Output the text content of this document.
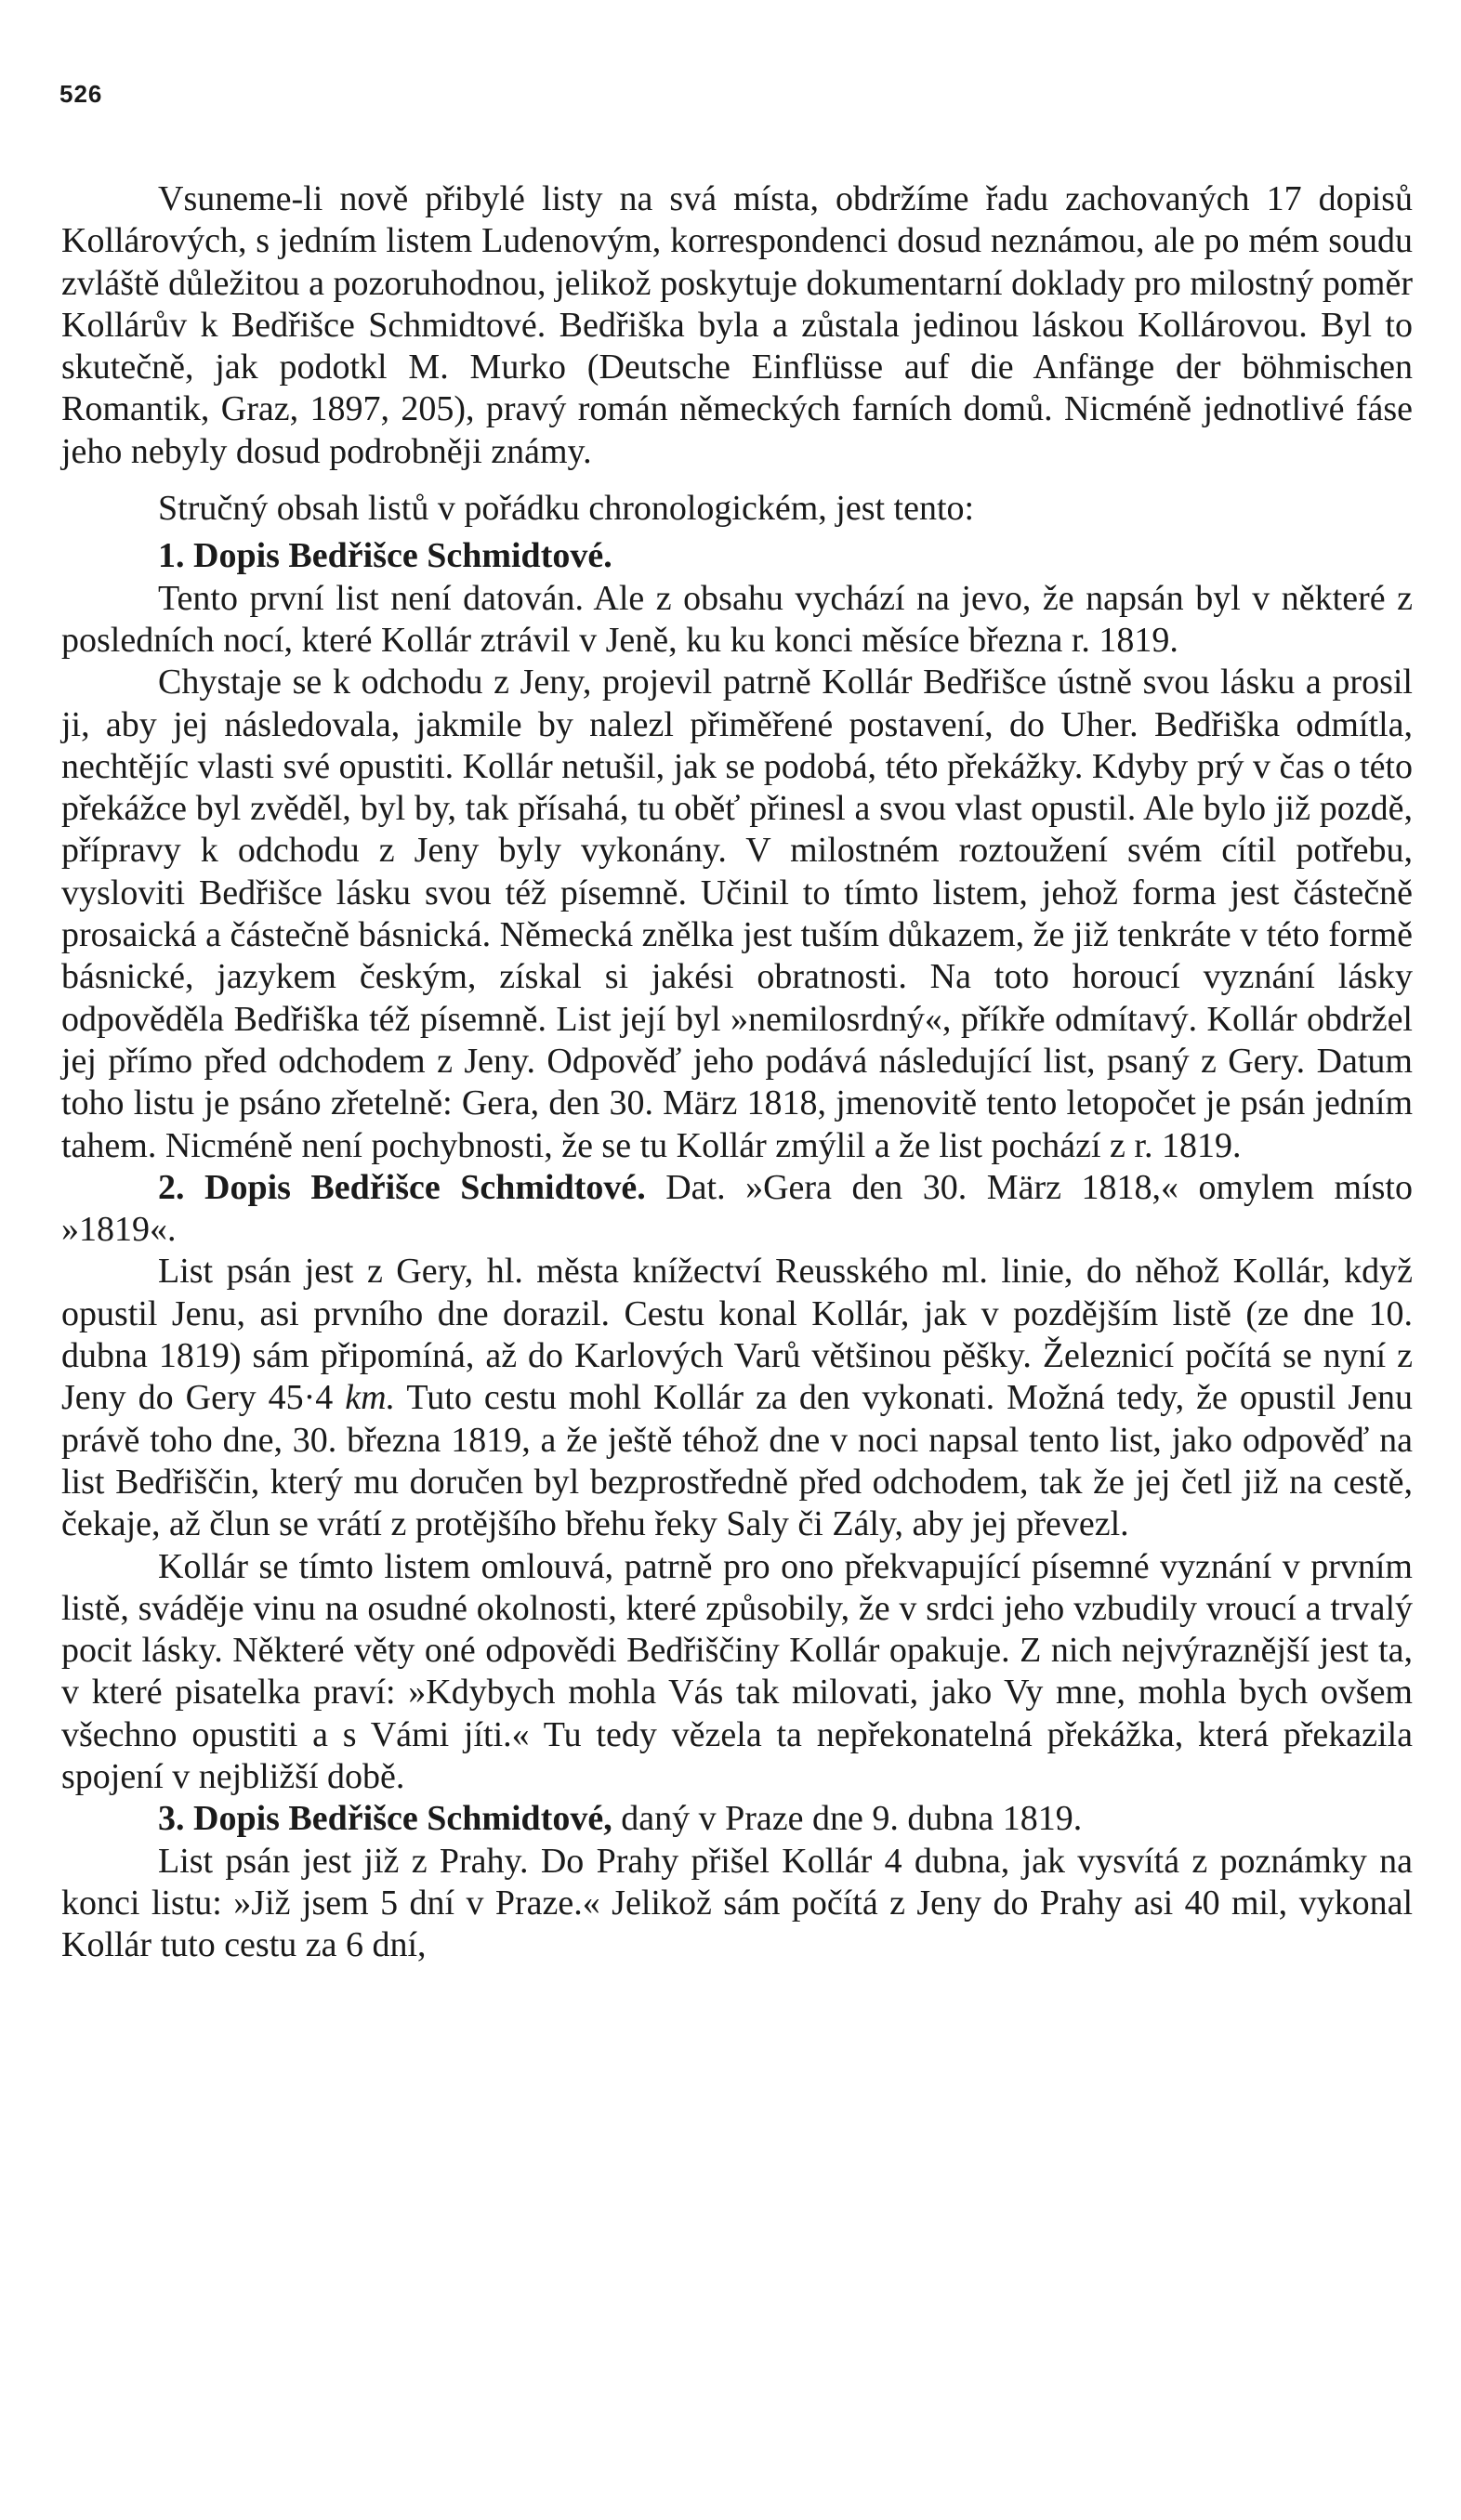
526

Vsuneme-li nově přibylé listy na svá místa, obdržíme řadu zachovaných 17 dopisů Kollárových, s jedním listem Ludenovým, korrespondenci dosud neznámou, ale po mém soudu zvláště důležitou a pozoruhodnou, jelikož poskytuje dokumentarní doklady pro milostný poměr Kollárův k Bedřišce Schmidtové. Bedřiška byla a zůstala jedinou láskou Kollárovou. Byl to skutečně, jak podotkl M. Murko (Deutsche Einflüsse auf die Anfänge der böhmischen Romantik, Graz, 1897, 205), pravý román německých farních domů. Nicméně jednotlivé fáse jeho nebyly dosud podrobněji známy.

Stručný obsah listů v pořádku chronologickém, jest tento:

1. Dopis Bedřišce Schmidtové.

Tento první list není datován. Ale z obsahu vychází na jevo, že napsán byl v některé z posledních nocí, které Kollár ztrávil v Jeně, ku ku konci měsíce března r. 1819.

Chystaje se k odchodu z Jeny, projevil patrně Kollár Bedřišce ústně svou lásku a prosil ji, aby jej následovala, jakmile by nalezl přiměřené postavení, do Uher. Bedřiška odmítla, nechtějíc vlasti své opustiti. Kollár netušil, jak se podobá, této překážky. Kdyby prý v čas o této překážce byl zvěděl, byl by, tak přísahá, tu oběť přinesl a svou vlast opustil. Ale bylo již pozdě, přípravy k odchodu z Jeny byly vykonány. V milostném roztoužení svém cítil potřebu, vysloviti Bedřišce lásku svou též písemně. Učinil to tímto listem, jehož forma jest částečně prosaická a částečně básnická. Německá znělka jest tuším důkazem, že již tenkráte v této formě básnické, jazykem českým, získal si jakési obratnosti. Na toto horoucí vyznání lásky odpověděla Bedřiška též písemně. List její byl »nemilosrdný«, příkře odmítavý. Kollár obdržel jej přímo před odchodem z Jeny. Odpověď jeho podává následující list, psaný z Gery. Datum toho listu je psáno zřetelně: Gera, den 30. März 1818, jmenovitě tento letopočet je psán jedním tahem. Nicméně není pochybnosti, že se tu Kollár zmýlil a že list pochází z r. 1819.

2. Dopis Bedřišce Schmidtové. Dat. »Gera den 30. März 1818,« omylem místo »1819«.

List psán jest z Gery, hl. města knížectví Reusského ml. linie, do něhož Kollár, když opustil Jenu, asi prvního dne dorazil. Cestu konal Kollár, jak v pozdějším listě (ze dne 10. dubna 1819) sám připomíná, až do Karlových Varů většinou pěšky. Železnicí počítá se nyní z Jeny do Gery 45·4 km. Tuto cestu mohl Kollár za den vykonati. Možná tedy, že opustil Jenu právě toho dne, 30. března 1819, a že ještě téhož dne v noci napsal tento list, jako odpověď na list Bedřiščin, který mu doručen byl bezprostředně před odchodem, tak že jej četl již na cestě, čekaje, až člun se vrátí z protějšího břehu řeky Saly či Zály, aby jej převezl.

Kollár se tímto listem omlouvá, patrně pro ono překvapující písemné vyznání v prvním listě, sváděje vinu na osudné okolnosti, které způsobily, že v srdci jeho vzbudily vroucí a trvalý pocit lásky. Některé věty oné odpovědi Bedřiščiny Kollár opakuje. Z nich nejvýraznější jest ta, v které pisatelka praví: »Kdybych mohla Vás tak milovati, jako Vy mne, mohla bych ovšem všechno opustiti a s Vámi jíti.« Tu tedy vězela ta nepřekonatelná překážka, která překazila spojení v nejbližší době.

3. Dopis Bedřišce Schmidtové, daný v Praze dne 9. dubna 1819.

List psán jest již z Prahy. Do Prahy přišel Kollár 4 dubna, jak vysvítá z poznámky na konci listu: »Již jsem 5 dní v Praze.« Jelikož sám počítá z Jeny do Prahy asi 40 mil, vykonal Kollár tuto cestu za 6 dní,
